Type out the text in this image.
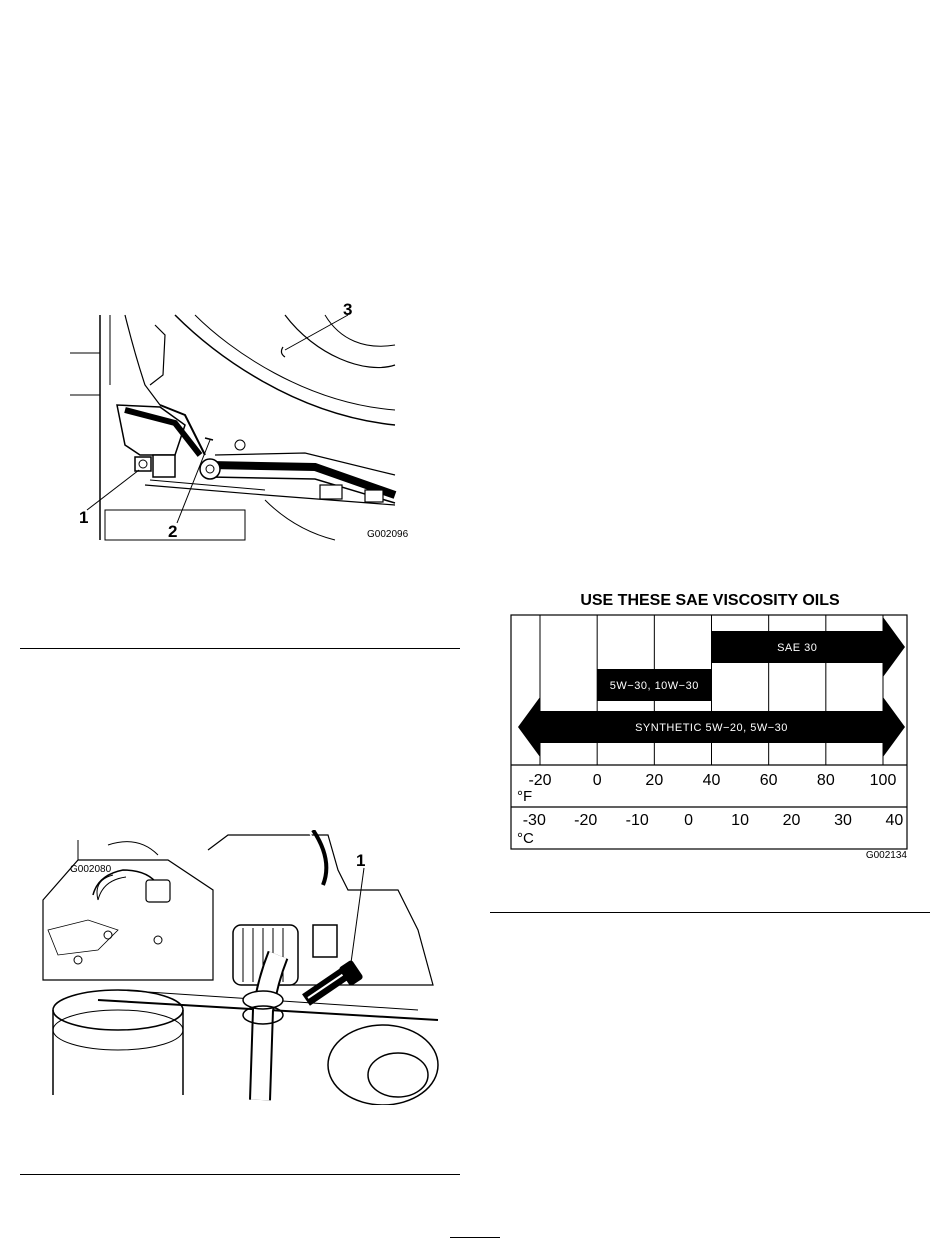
1
2
3
G002096
1
G002080
USE THESE SAE VISCOSITY OILS
SAE 30
5W−30, 10W−30
SYNTHETIC 5W−20, 5W−30
-20	0	20 40 60 80 100
-30 -20 -10 0 10 20 30 40
°F
°C
G002134
